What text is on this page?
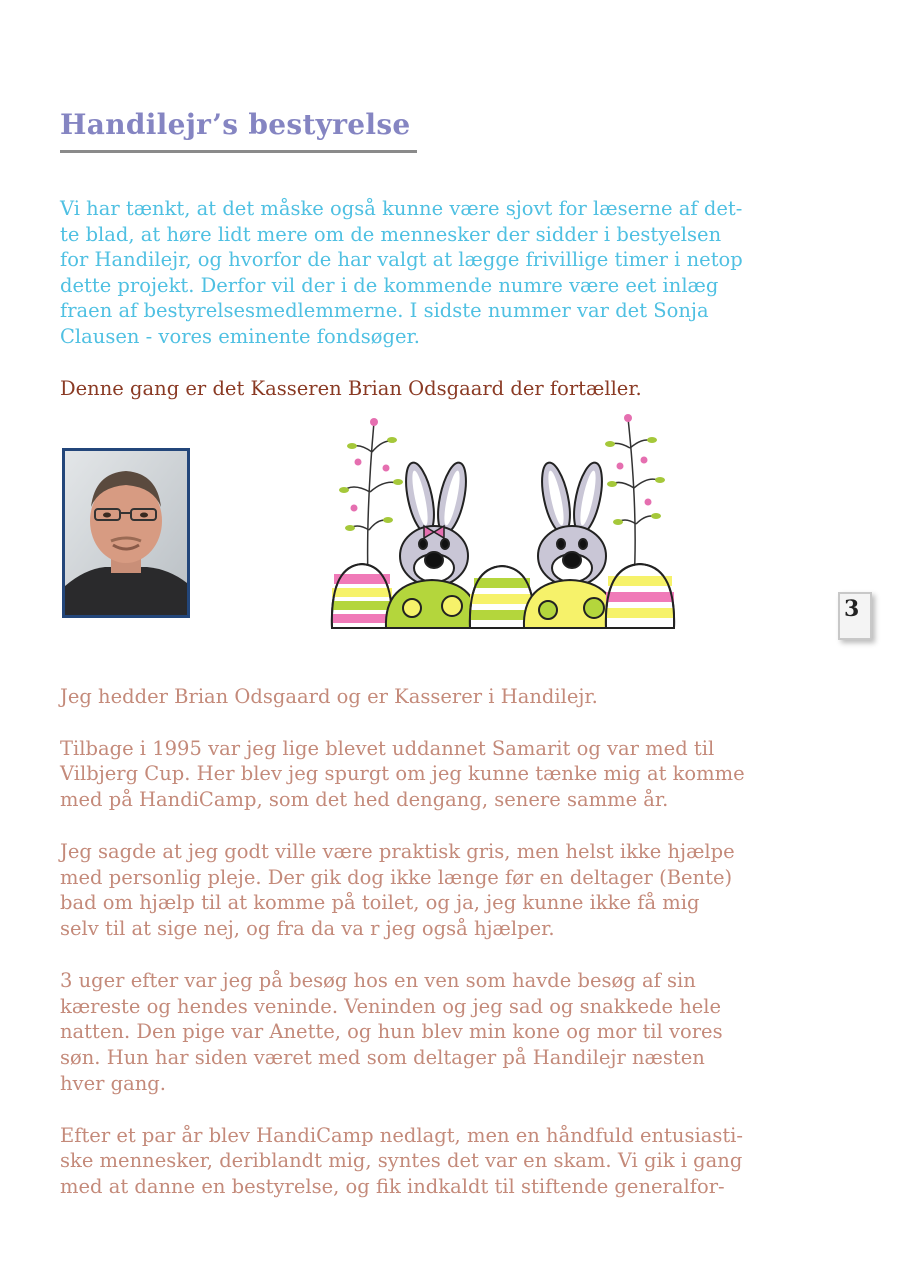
Handilejr’s bestyrelse

Vi har tænkt, at det måske også kunne være sjovt for læserne af det-
te blad, at høre lidt mere om de mennesker der sidder i bestyelsen
for Handilejr, og hvorfor de har valgt at lægge frivillige timer i netop
dette projekt. Derfor vil der i de kommende numre være eet inlæg
fraen af bestyrelsesmedlemmerne. I sidste nummer var det Sonja
Clausen - vores eminente fondsøger.

Denne gang er det Kasseren Brian Odsgaard der fortæller.

3

Jeg hedder Brian Odsgaard og er Kasserer i Handilejr.

Tilbage i 1995 var jeg lige blevet uddannet Samarit og var med til
Vilbjerg Cup. Her blev jeg spurgt om jeg kunne tænke mig at komme
med på HandiCamp, som det hed dengang, senere samme år.

Jeg sagde at jeg godt ville være praktisk gris, men helst ikke hjælpe
med personlig pleje. Der gik dog ikke længe før en deltager (Bente)
bad om hjælp til at komme på toilet, og ja, jeg kunne ikke få mig
selv til at sige nej, og fra da va r jeg også hjælper.

3 uger efter var jeg på besøg hos en ven som havde besøg af sin
kæreste og hendes veninde. Veninden og jeg sad og snakkede hele
natten. Den pige var Anette, og hun blev min kone og mor til vores
søn. Hun har siden været med som deltager på Handilejr næsten
hver gang.

Efter et par år blev HandiCamp nedlagt, men en håndfuld entusiasti-
ske mennesker, deriblandt mig, syntes det var en skam. Vi gik i gang
med at danne en bestyrelse, og fik indkaldt til stiftende generalfor-
